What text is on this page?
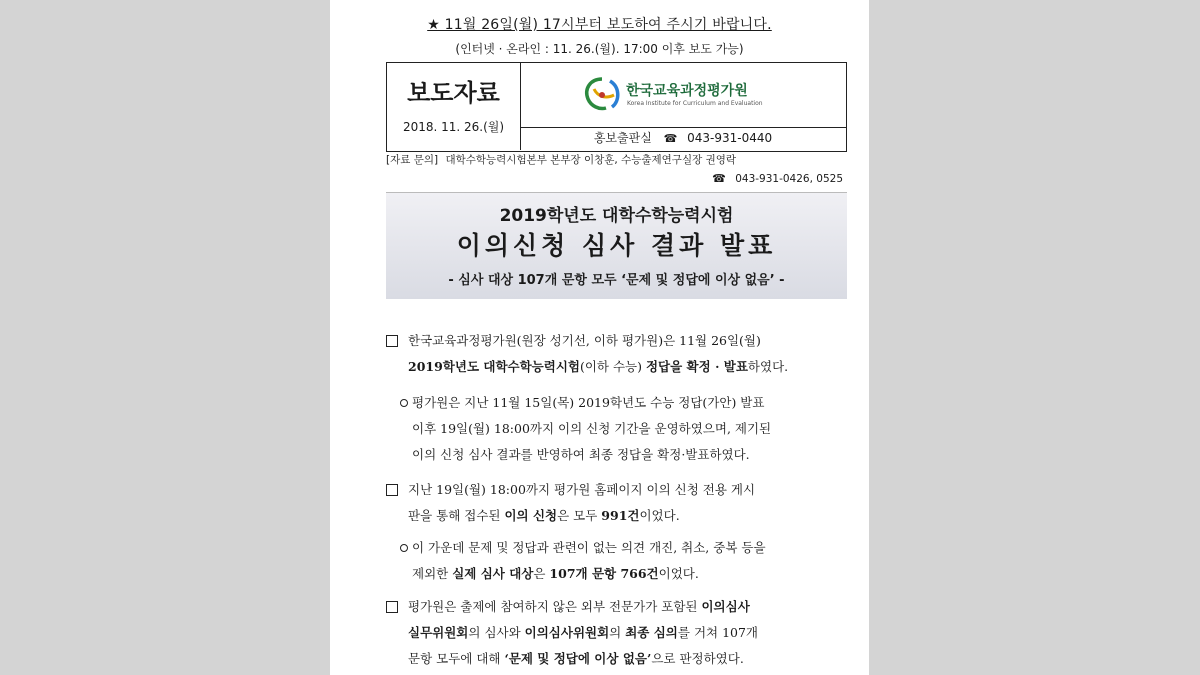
★ 11월 26일(월) 17시부터 보도하여 주시기 바랍니다.
(인터넷 · 온라인 : 11. 26.(월). 17:00 이후 보도 가능)
보도자료
2018. 11. 26.(월)
한국교육과정평가원
Korea Institute for Curriculum and Evaluation
홍보출판실 ☎ 043-931-0440
[자료 문의] 대학수학능력시험본부 본부장 이창훈, 수능출제연구실장 권영락
☎ 043-931-0426, 0525
2019학년도 대학수학능력시험
이의신청 심사 결과 발표
- 심사 대상 107개 문항 모두 ‘문제 및 정답에 이상 없음’ -
한국교육과정평가원(원장 성기선, 이하 평가원)은 11월 26일(월)
2019학년도 대학수학능력시험(이하 수능) 정답을 확정 · 발표하였다.
평가원은 지난 11월 15일(목) 2019학년도 수능 정답(가안) 발표
이후 19일(월) 18:00까지 이의 신청 기간을 운영하였으며, 제기된
이의 신청 심사 결과를 반영하여 최종 정답을 확정·발표하였다.
지난 19일(월) 18:00까지 평가원 홈페이지 이의 신청 전용 게시
판을 통해 접수된 이의 신청은 모두 991건이었다.
이 가운데 문제 및 정답과 관련이 없는 의견 개진, 취소, 중복 등을
제외한 실제 심사 대상은 107개 문항 766건이었다.
평가원은 출제에 참여하지 않은 외부 전문가가 포함된 이의심사
실무위원회의 심사와 이의심사위원회의 최종 심의를 거쳐 107개
문항 모두에 대해 ‘문제 및 정답에 이상 없음’으로 판정하였다.
